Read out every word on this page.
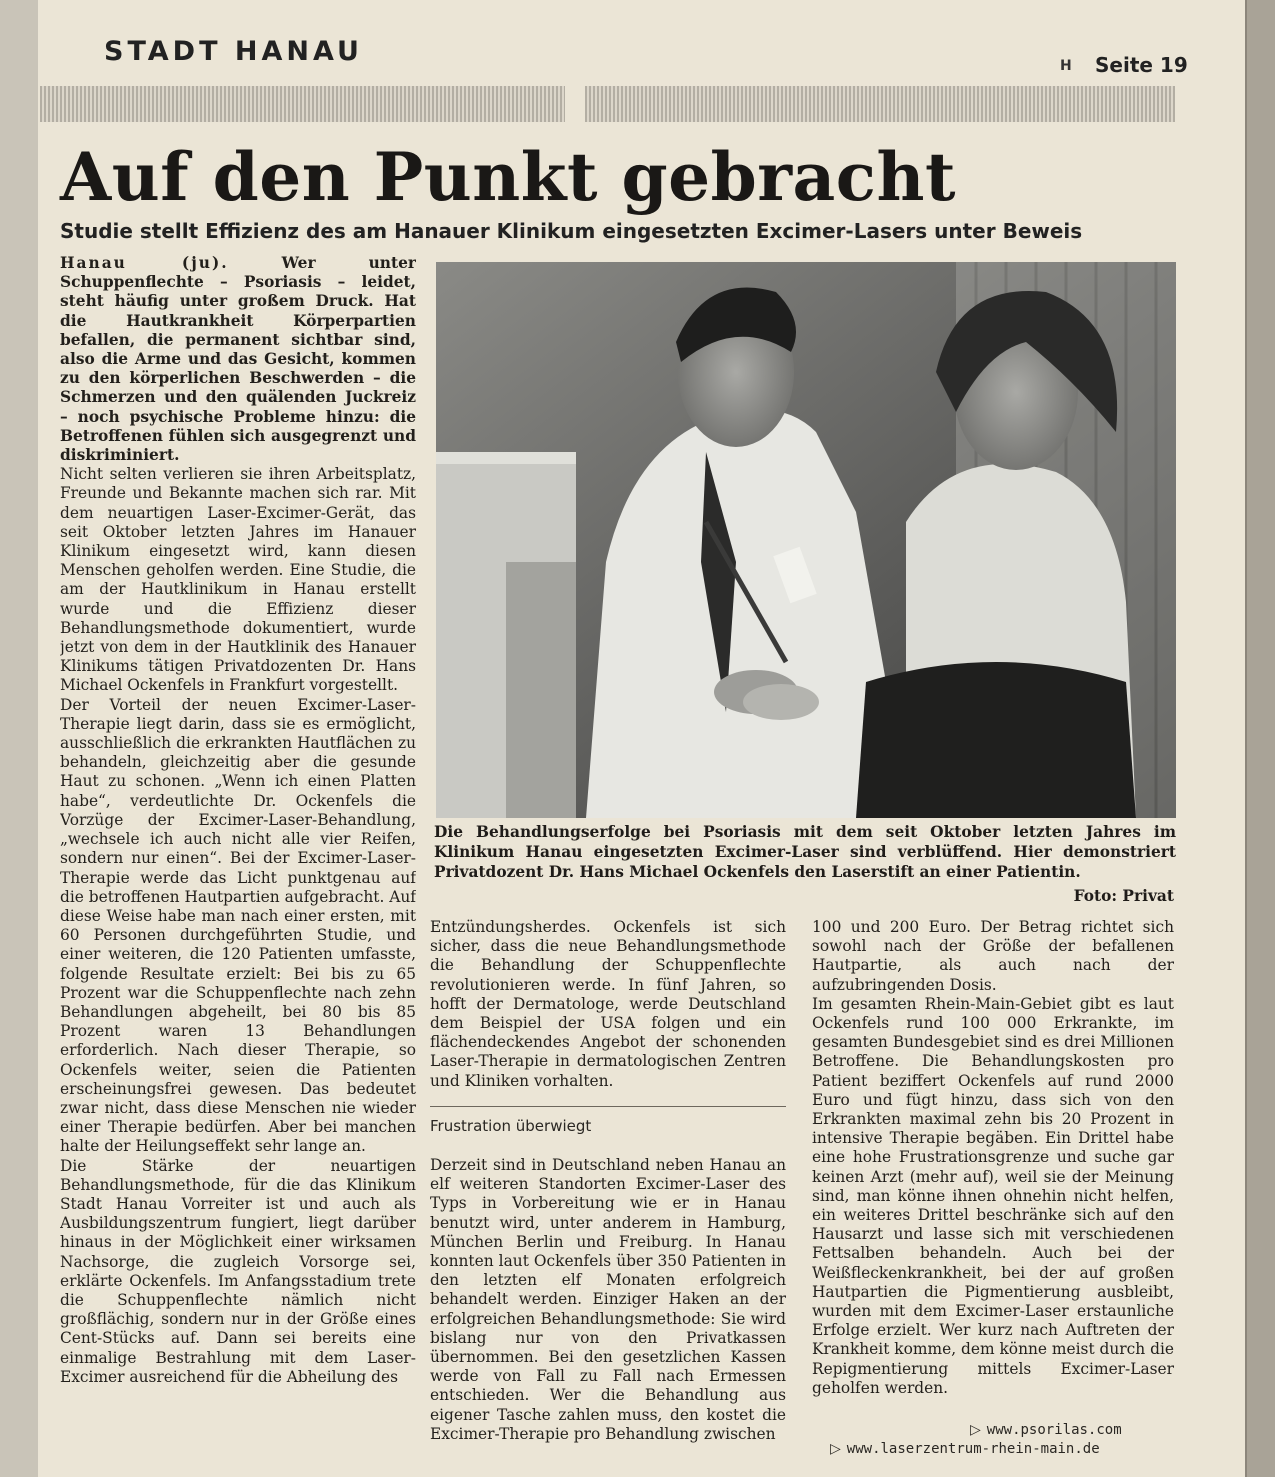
STADT HANAU	H Seite 19
Auf den Punkt gebracht
Studie stellt Effizienz des am Hanauer Klinikum eingesetzten Excimer-Lasers unter Beweis

Hanau (ju).	Wer unter Schuppenflechte – Psoriasis – leidet, steht häufig unter großem Druck. Hat die Hautkrankheit Körperpartien befallen, die permanent sichtbar sind, also die Arme und das Gesicht, kommen zu den körperlichen Beschwerden – die Schmerzen und den quälenden Juckreiz – noch psychische Probleme hinzu: die Betroffenen fühlen sich ausgegrenzt und diskriminiert.

Nicht selten verlieren sie ihren Arbeitsplatz, Freunde und Bekannte machen sich rar. Mit dem neuartigen Laser-Excimer-Gerät, das seit Oktober letzten Jahres im Hanauer Klinikum eingesetzt wird, kann diesen Menschen geholfen werden. Eine Studie, die am der Hautklinikum in Hanau erstellt wurde und die Effizienz dieser Behandlungsmethode dokumentiert, wurde jetzt von dem in der Hautklinik des Hanauer Klinikums tätigen Privatdozenten Dr. Hans Michael Ockenfels in Frankfurt vorgestellt.

Der Vorteil der neuen Excimer-Laser-Therapie liegt darin, dass sie es ermöglicht, ausschließlich die erkrankten Hautflächen zu behandeln, gleichzeitig aber die gesunde Haut zu schonen. „Wenn ich einen Platten habe“, verdeutlichte Dr. Ockenfels die Vorzüge der Excimer-Laser-Behandlung, „wechsele ich auch nicht alle vier Reifen, sondern nur einen“. Bei der Excimer-Laser-Therapie werde das Licht punktgenau auf die betroffenen Hautpartien aufgebracht. Auf diese Weise habe man nach einer ersten, mit 60 Personen durchgeführten Studie, und einer weiteren, die 120 Patienten umfasste, folgende Resultate erzielt: Bei bis zu 65 Prozent war die Schuppenflechte nach zehn Behandlungen abgeheilt, bei 80 bis 85 Prozent waren 13 Behandlungen erforderlich. Nach dieser Therapie, so Ockenfels weiter, seien die Patienten erscheinungsfrei gewesen. Das bedeutet zwar nicht, dass diese Menschen nie wieder einer Therapie bedürfen. Aber bei manchen halte der Heilungseffekt sehr lange an.

Die Stärke der neuartigen Behandlungsmethode, für die das Klinikum Stadt Hanau Vorreiter ist und auch als Ausbildungszentrum fungiert, liegt darüber hinaus in der Möglichkeit einer wirksamen Nachsorge, die zugleich Vorsorge sei, erklärte Ockenfels. Im Anfangsstadium trete die Schuppenflechte nämlich nicht großflächig, sondern nur in der Größe eines Cent-Stücks auf. Dann sei bereits eine einmalige Bestrahlung mit dem Laser-Excimer ausreichend für die Abheilung des

Die Behandlungserfolge bei Psoriasis mit dem seit Oktober letzten Jahres im Klinikum Hanau eingesetzten Excimer-Laser sind verblüffend. Hier demonstriert Privatdozent Dr. Hans Michael Ockenfels den Laserstift an einer Patientin.
Foto: Privat

Entzündungsherdes. Ockenfels ist sich sicher, dass die neue Behandlungsmethode die Behandlung der Schuppenflechte revolutionieren werde. In fünf Jahren, so hofft der Dermatologe, werde Deutschland dem Beispiel der USA folgen und ein flächendeckendes Angebot der schonenden Laser-Therapie in dermatologischen Zentren und Kliniken vorhalten.

Frustration überwiegt

Derzeit sind in Deutschland neben Hanau an elf weiteren Standorten Excimer-Laser des Typs in Vorbereitung wie er in Hanau benutzt wird, unter anderem in Hamburg, München Berlin und Freiburg. In Hanau konnten laut Ockenfels über 350 Patienten in den letzten elf Monaten erfolgreich behandelt werden. Einziger Haken an der erfolgreichen Behandlungsmethode: Sie wird bislang nur von den Privatkassen übernommen. Bei den gesetzlichen Kassen werde von Fall zu Fall nach Ermessen entschieden. Wer die Behandlung aus eigener Tasche zahlen muss, den kostet die Excimer-Therapie pro Behandlung zwischen

100 und 200 Euro. Der Betrag richtet sich sowohl nach der Größe der befallenen Hautpartie, als auch nach der aufzubringenden Dosis.

Im gesamten Rhein-Main-Gebiet gibt es laut Ockenfels rund 100 000 Erkrankte, im gesamten Bundesgebiet sind es drei Millionen Betroffene. Die Behandlungskosten pro Patient beziffert Ockenfels auf rund 2000 Euro und fügt hinzu, dass sich von den Erkrankten maximal zehn bis 20 Prozent in intensive Therapie begäben. Ein Drittel habe eine hohe Frustrationsgrenze und suche gar keinen Arzt (mehr auf), weil sie der Meinung sind, man könne ihnen ohnehin nicht helfen, ein weiteres Drittel beschränke sich auf den Hausarzt und lasse sich mit verschiedenen Fettsalben behandeln. Auch bei der Weißfleckenkrankheit, bei der auf großen Hautpartien die Pigmentierung ausbleibt, wurden mit dem Excimer-Laser erstaunliche Erfolge erzielt. Wer kurz nach Auftreten der Krankheit komme, dem könne meist durch die Repigmentierung mittels Excimer-Laser geholfen werden.

▷ www.psorilas.com
▷ www.laserzentrum-rhein-main.de
